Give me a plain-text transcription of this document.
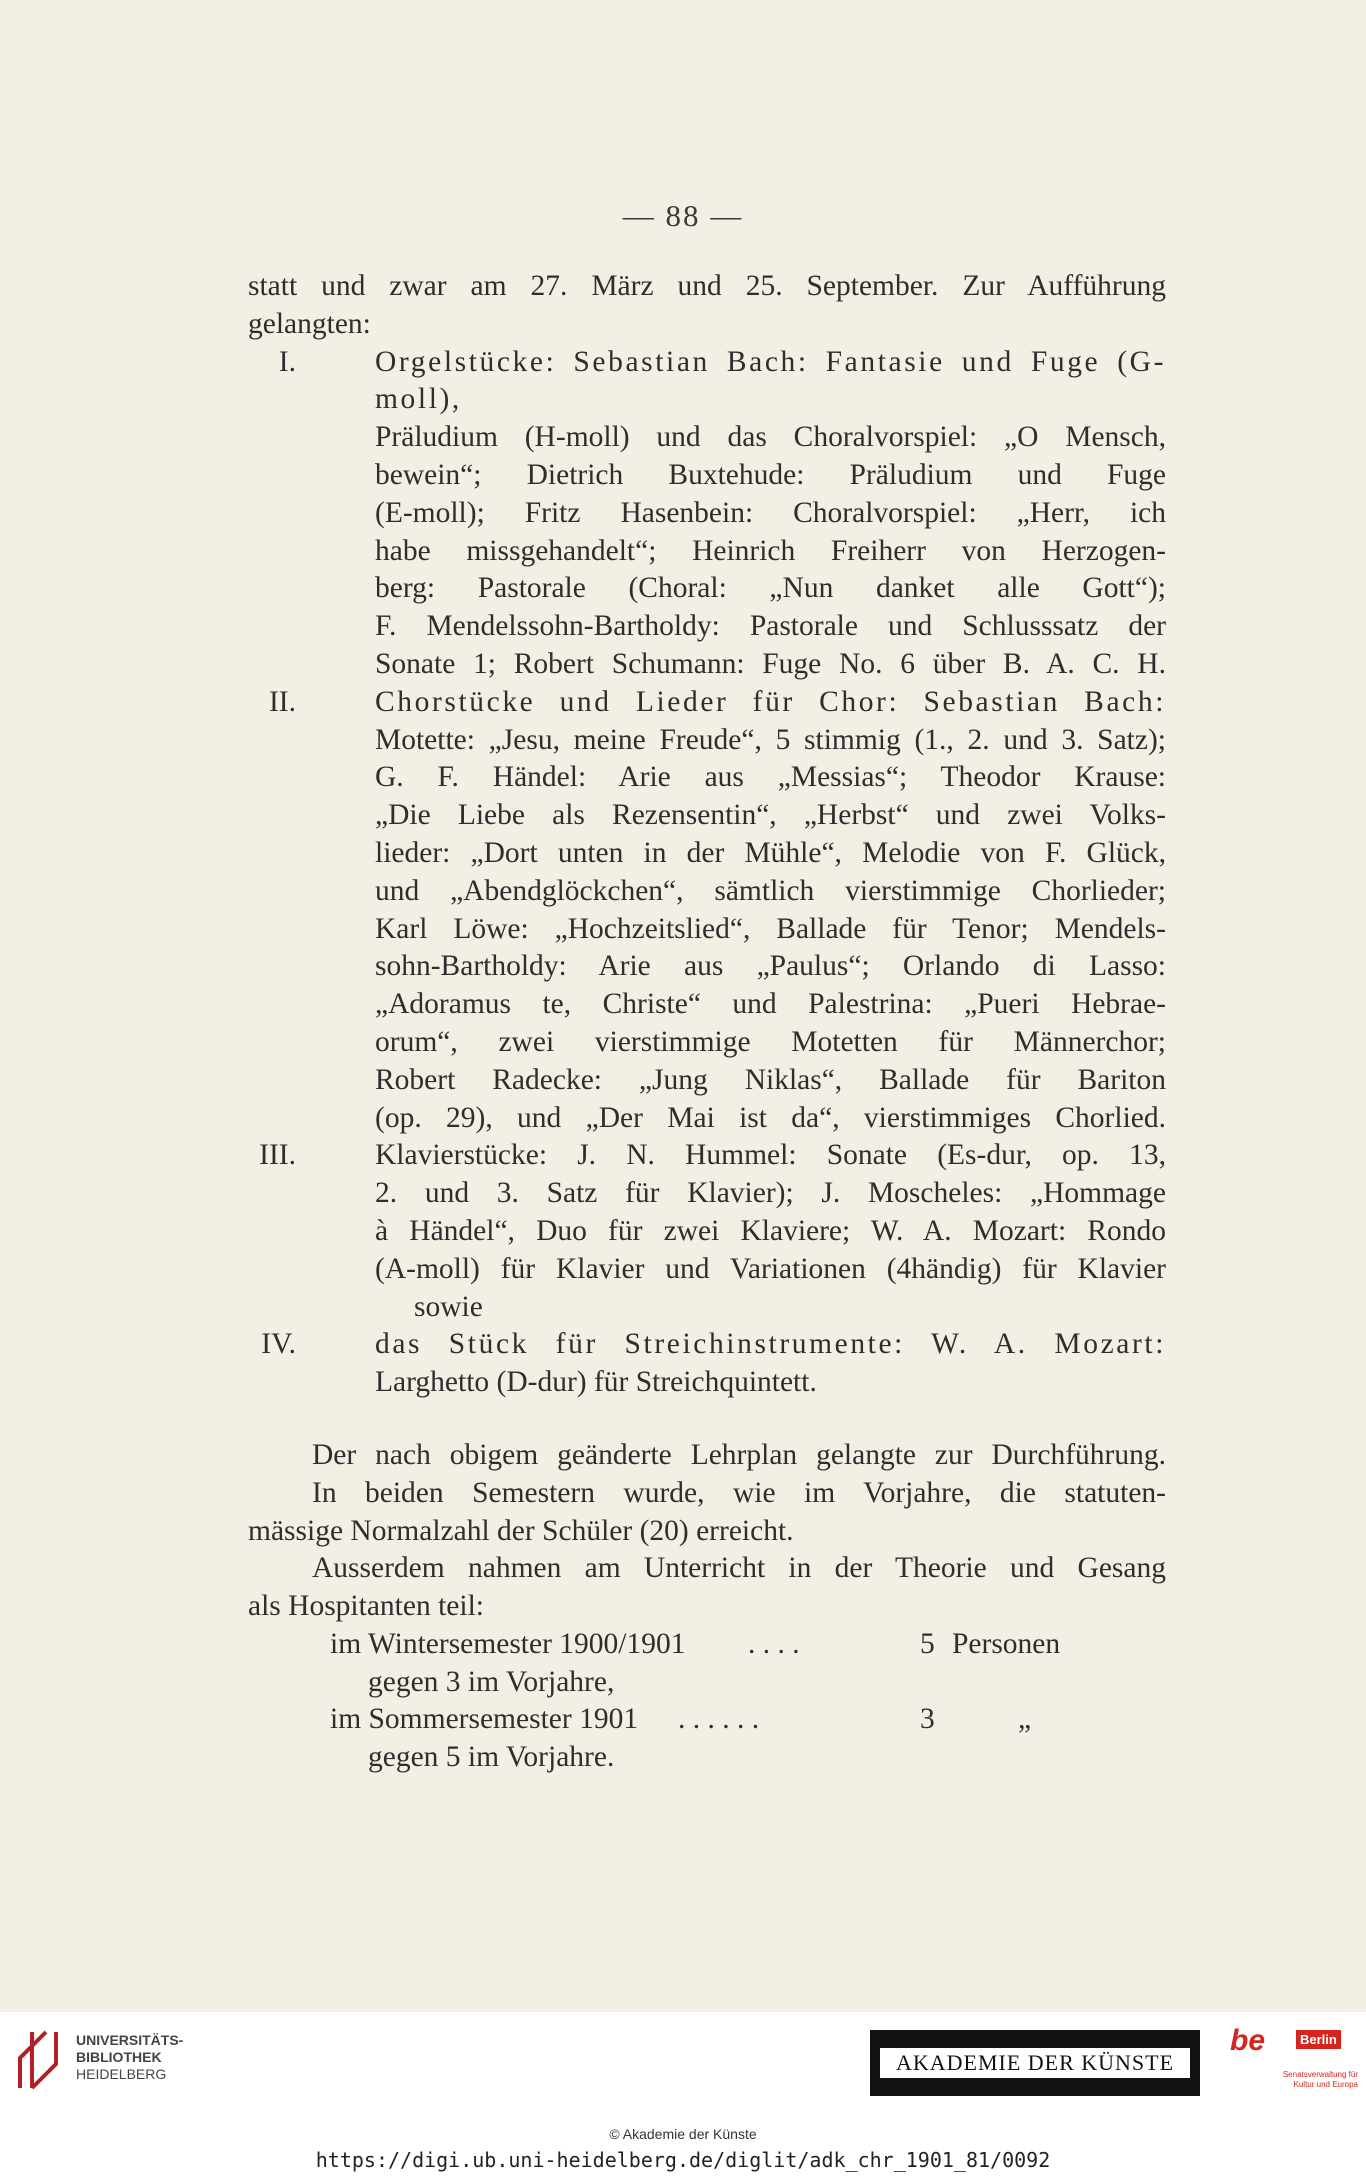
— 88 —

statt und zwar am 27. März und 25. September. Zur Aufführung

gelangten:

I.	Orgelstücke: Sebastian Bach: Fantasie und Fuge (G-moll),

Präludium (H-moll) und das Choralvorspiel: „O Mensch,

bewein“; Dietrich Buxtehude: Präludium und Fuge

(E-moll); Fritz Hasenbein: Choralvorspiel: „Herr, ich

habe missgehandelt“; Heinrich Freiherr von Herzogen-

berg: Pastorale (Choral: „Nun danket alle Gott“);

F. Mendelssohn-Bartholdy: Pastorale und Schlusssatz der

Sonate 1; Robert Schumann: Fuge No. 6 über B. A. C. H.

II.	Chorstücke und Lieder für Chor: Sebastian Bach:

Motette: „Jesu, meine Freude“, 5 stimmig (1., 2. und 3. Satz);

G. F. Händel: Arie aus „Messias“; Theodor Krause:

„Die Liebe als Rezensentin“, „Herbst“ und zwei Volks-

lieder: „Dort unten in der Mühle“, Melodie von F. Glück,

und „Abendglöckchen“, sämtlich vierstimmige Chorlieder;

Karl Löwe: „Hochzeitslied“, Ballade für Tenor; Mendels-

sohn-Bartholdy: Arie aus „Paulus“; Orlando di Lasso:

„Adoramus te, Christe“ und Palestrina: „Pueri Hebrae-

orum“, zwei vierstimmige Motetten für Männerchor;

Robert Radecke: „Jung Niklas“, Ballade für Bariton

(op. 29), und „Der Mai ist da“, vierstimmiges Chorlied.

III.	Klavierstücke: J. N. Hummel: Sonate (Es-dur, op. 13,

2. und 3. Satz für Klavier); J. Moscheles: „Hommage

à Händel“, Duo für zwei Klaviere; W. A. Mozart: Rondo

(A-moll) für Klavier und Variationen (4händig) für Klavier

sowie

IV.	das Stück für Streichinstrumente: W. A. Mozart:

Larghetto (D-dur) für Streichquintett.

Der nach obigem geänderte Lehrplan gelangte zur Durchführung.

In beiden Semestern wurde, wie im Vorjahre, die statuten-

mässige Normalzahl der Schüler (20) erreicht.

Ausserdem nahmen am Unterricht in der Theorie und Gesang

als Hospitanten teil:

im Wintersemester 1900/1901 . . . .	5 Personen
gegen 3 im Vorjahre,
im Sommersemester 1901 . . . . . .	3	„
gegen 5 im Vorjahre.
UNIVERSITÄTS-
BIBLIOTHEK
HEIDELBERG	AKADEMIE DER KÜNSTE
be	Berlin
Senatsverwaltung für Kultur und Europa
© Akademie der Künste
https://digi.ub.uni-heidelberg.de/diglit/adk_chr_1901_81/0092
